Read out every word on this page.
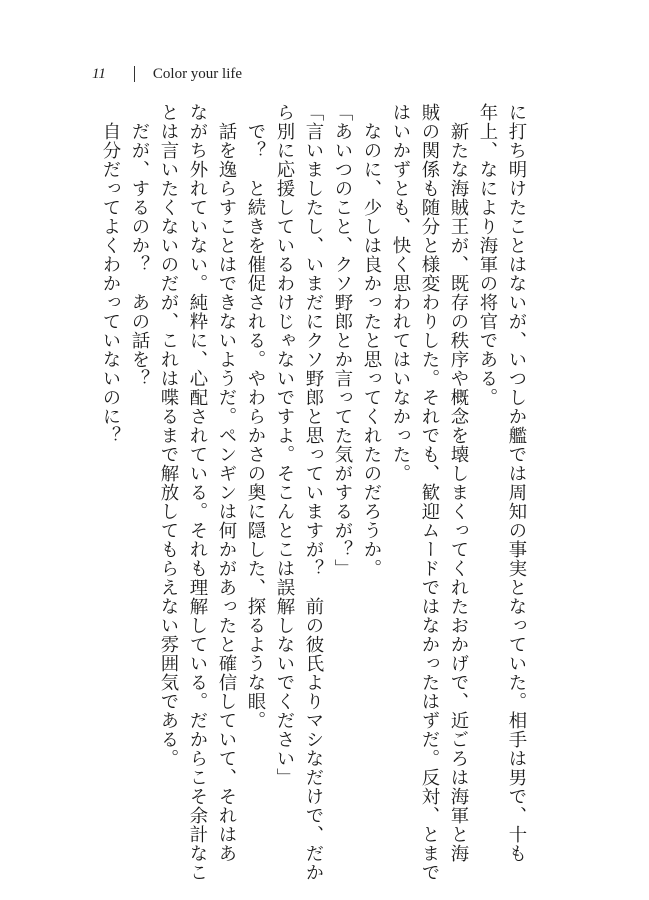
11	Color your life
に打ち明けたことはないが、いつしか艦では周知の事実となっていた。相手は男で、十も
年上、なにより海軍の将官である。
　新たな海賊王が、既存の秩序や概念を壊しまくってくれたおかげで、近ごろは海軍と海
賊の関係も随分と様変わりした。それでも、歓迎ムードではなかったはずだ。反対、とまで
はいかずとも、快く思われてはいなかった。
　なのに、少しは良かったと思ってくれたのだろうか。
「あいつのこと、クソ野郎とか言ってた気がするが？」
「言いましたし、いまだにクソ野郎と思っていますが？　前の彼氏よりマシなだけで、だか
ら別に応援しているわけじゃないですよ。そこんとこは誤解しないでください」
　で？　と続きを催促される。やわらかさの奥に隠した、探るような眼。
　話を逸らすことはできないようだ。ペンギンは何かがあったと確信していて、それはあ
ながち外れていない。純粋に、心配されている。それも理解している。だからこそ余計なこ
とは言いたくないのだが、これは喋るまで解放してもらえない雰囲気である。
　だが、するのか？　あの話を？
　自分だってよくわかっていないのに？
